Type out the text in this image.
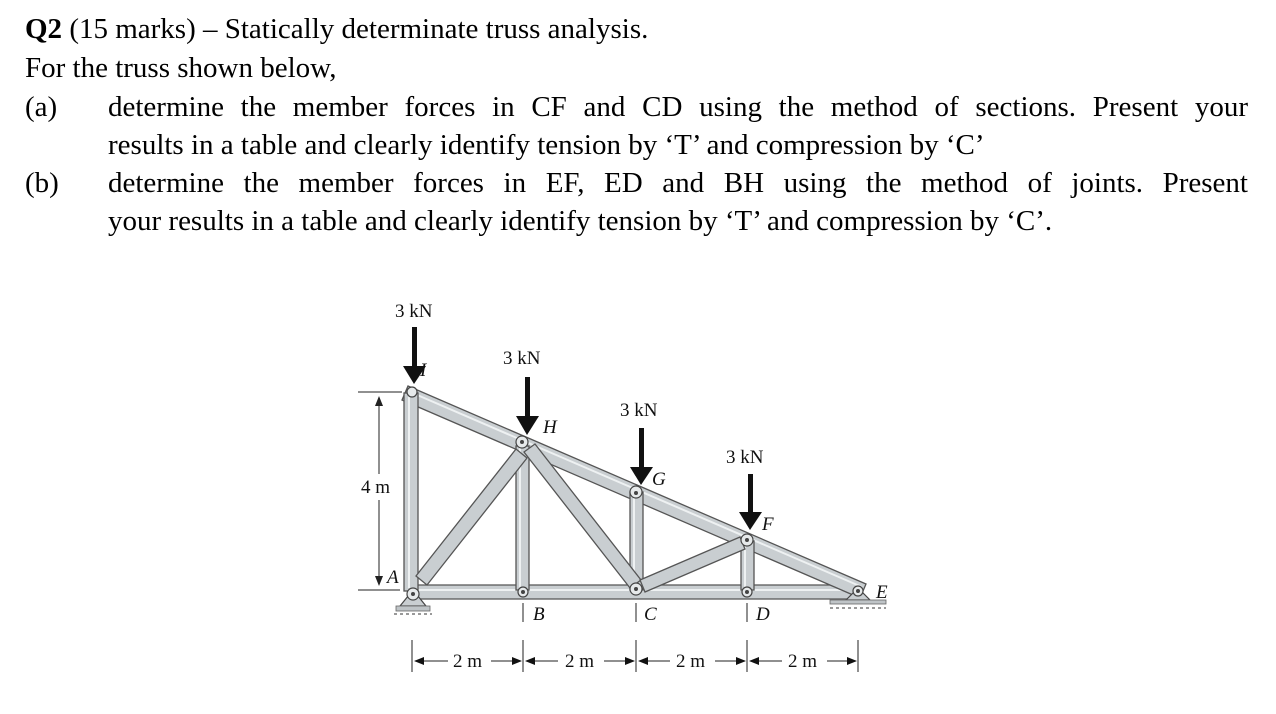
Q2 (15 marks) – Statically determinate truss analysis.
For the truss shown below,
(a) determine the member forces in CF and CD using the method of sections. Present your
results in a table and clearly identify tension by ‘T’ and compression by ‘C’
(b) determine the member forces in EF, ED and BH using the method of joints. Present
your results in a table and clearly identify tension by ‘T’ and compression by ‘C’.
3 kN
3 kN
3 kN
3 kN
I
H
G
F
E
A
B	C	D
4 m
2 m	2 m	2 m	2 m
